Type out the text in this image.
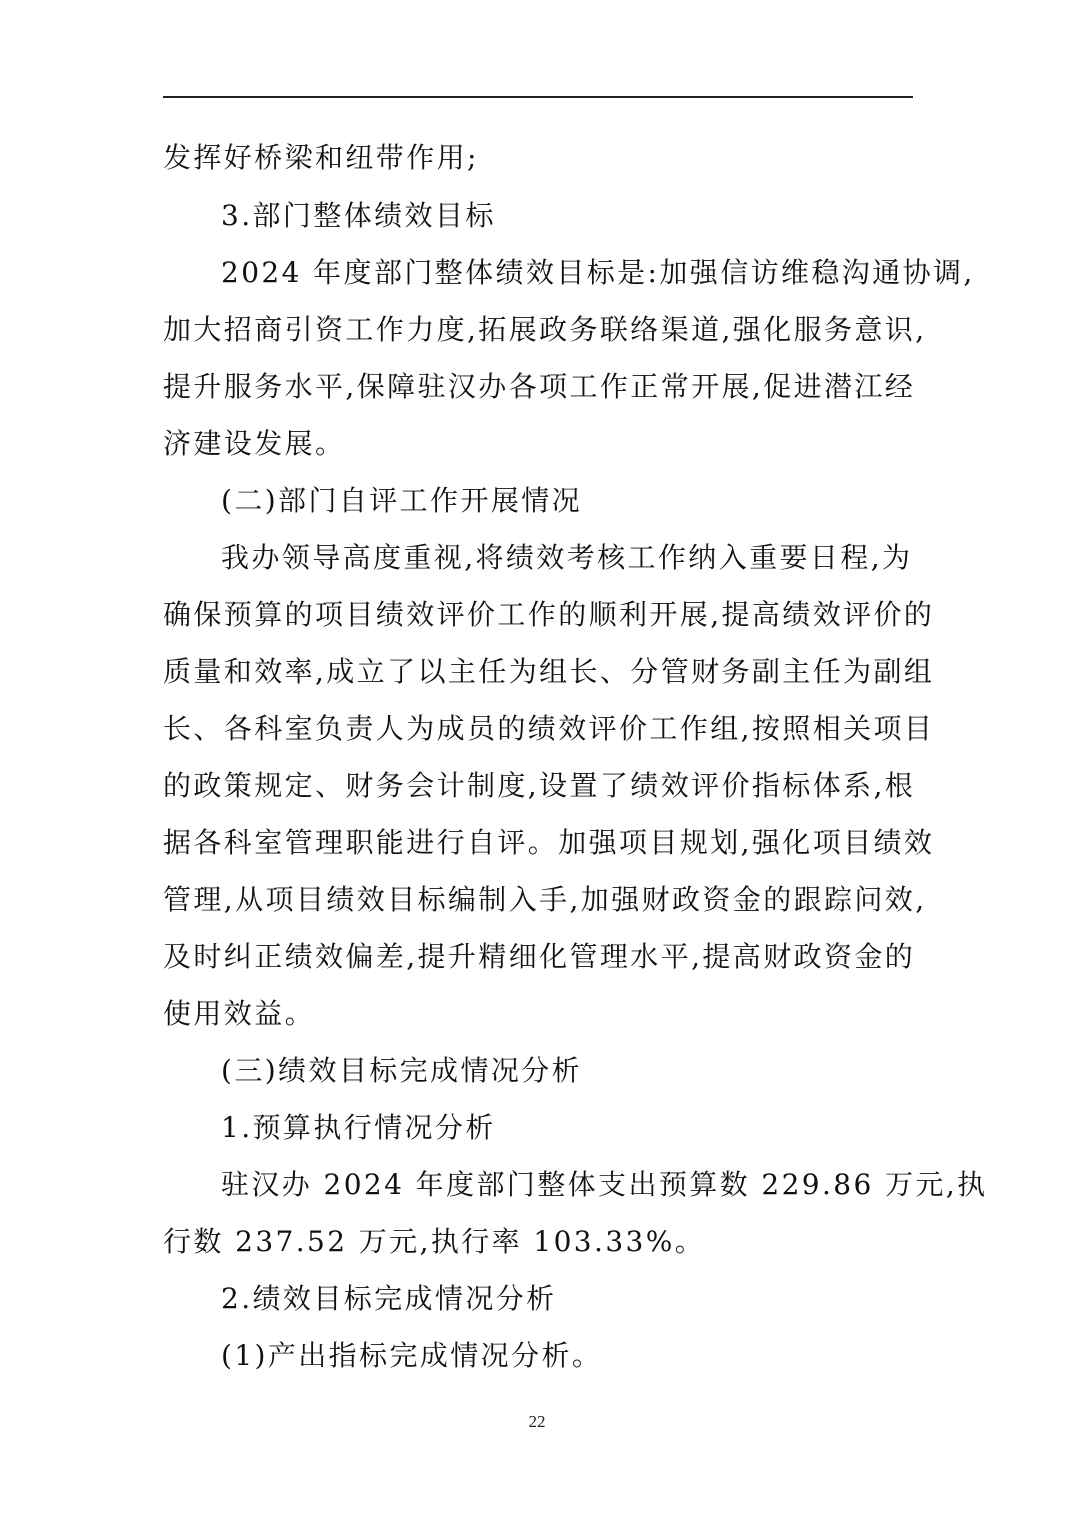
发挥好桥梁和纽带作用;
3.部门整体绩效目标
2024 年度部门整体绩效目标是:加强信访维稳沟通协调,
加大招商引资工作力度,拓展政务联络渠道,强化服务意识,
提升服务水平,保障驻汉办各项工作正常开展,促进潜江经
济建设发展。
(二)部门自评工作开展情况
我办领导高度重视,将绩效考核工作纳入重要日程,为
确保预算的项目绩效评价工作的顺利开展,提高绩效评价的
质量和效率,成立了以主任为组长、分管财务副主任为副组
长、各科室负责人为成员的绩效评价工作组,按照相关项目
的政策规定、财务会计制度,设置了绩效评价指标体系,根
据各科室管理职能进行自评。加强项目规划,强化项目绩效
管理,从项目绩效目标编制入手,加强财政资金的跟踪问效,
及时纠正绩效偏差,提升精细化管理水平,提高财政资金的
使用效益。
(三)绩效目标完成情况分析
1.预算执行情况分析
驻汉办 2024 年度部门整体支出预算数 229.86 万元,执
行数 237.52 万元,执行率 103.33%。
2.绩效目标完成情况分析
(1)产出指标完成情况分析。
22
